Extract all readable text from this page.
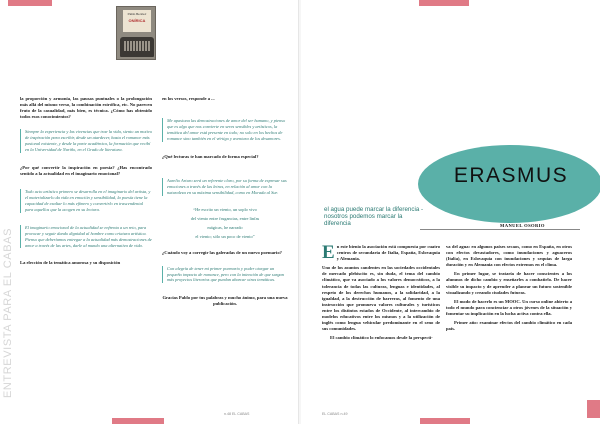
ENTREVISTA PARA EL CABAS
Pablo Benítez
ONÍRICA

la proporción y armonía, las pausas puntuales o la prolongación más allá del mismo verso, la combinación estrófica, etc. No parecen fruto de la casualidad, más bien, es técnica. ¿Cómo has obtenido todos esos conocimientos?

Siempre la experiencia y las vivencias que trae la vida, siento un motivo de inspiración para escribir, desde un atardecer, hasta el romance más pasional existente, y desde la parte académica, la formación que recibí en la Universidad de Nariño, en el Grado de literatura.

¿Por qué convertir la inspiración en poesía? ¿Has encontrado sentido a la actualidad en el imaginario emocional?

Todo acto artístico primero se desarrolla en el imaginario del artista, y el materializarlo da vida en emoción y sensibilidad, la poesía tiene la capacidad de exaltar lo más efímero y convertirlo en trascendental para aquellos que la acogen en su lectura.
El imaginario emocional de la actualidad se enfrenta a un reto, para provocar y seguir dando dignidad al hombre como criatura artística. Pienso que deberíamos entregar a la actualidad más demostraciones de amor a través de las artes, darle al mundo una alternativa de vida.

La elección de la temática amorosa y su disposición

en los versos, responde a ...

Me apasiona las demostraciones de amor del ser humano, y pienso que es algo que nos convierte en seres sensibles y artísticos, la temática del amor está presente en todo; no solo en los hechos de romance sino también en el vértigo y aventura de los desamores.

¿Qué lecturas te han marcado de forma especial?

Aurelio Arturo será un referente claro, por su forma de expresar sus emociones a través de las letras, en relación al amor con la naturaleza en su máxima sensibilidad, como en Morada al Sur.
“He escrito un viento, un soplo vivo
del viento entre frugancias, entre linfas
mágicas, he narrado
el viento; sólo un poco de viento”

¿Cuándo voy a corregir las galeradas de un nuevo poemario?

Con alegría de tener mi primer poemario y poder otorgar un pequeño impacto de romance, pero con la intención de que surgan más proyectos literarios que puedan abarcar otras temáticas.

Gracias Pablo por tus palabras y mucho ánimo, para una nueva publicación.

n.48 EL CABAS
ERASMUS
el agua puede marcar la diferencia - nosotros podemos marcar la diferencia	MANUEL OSORIO

En este bienio la asociación está compuesta por cuatro centros de secundaria de Italia, España, Eslovaquia y Alemania.

Uno de los asuntos candentes en las sociedades occidentales de mercado plebiscito es, sin duda, el tema del cambio climático, que va asociado a los valores democráticos, a la tolerancia de todas las culturas, lenguas e identidades, al respeto de los derechos humanos, a la solidaridad, a la igualdad, a la destrucción de barreras, al fomento de una instrucción que promueva valores culturales y turísticos entre los distintos estados de Occidente, al intercambio de modelos educativos entre los mismos y a la utilización de inglés como lengua vehicular predominante en el seno de sus comunidades.

El cambio climático lo enfocamos desde la perspecti-

va del agua: en algunos países secaos, como en España, en otros con efectos devastadores, como inundaciones y aguaceros (Italia), en Eslovaquia con inundaciones y sequías de larga duración y en Alemania con efectos extremos en el clima.

En primer lugar, se trataría de hacer conscientes a los alumnos de dicho cambio y enseñarles a combatirlo. De hacer visible su impacto y de aprender a planear un futuro sostenible visualizando y creando ciudades futuras.

El modo de hacerlo es un MOOC. Un curso online abierto a todo el mundo para concienciar a otros jóvenes de la situación y fomentar su implicación en la lucha activa contra ella.

Primer año: examinar efectos del cambio climático en cada país.

EL CABAS n.49
